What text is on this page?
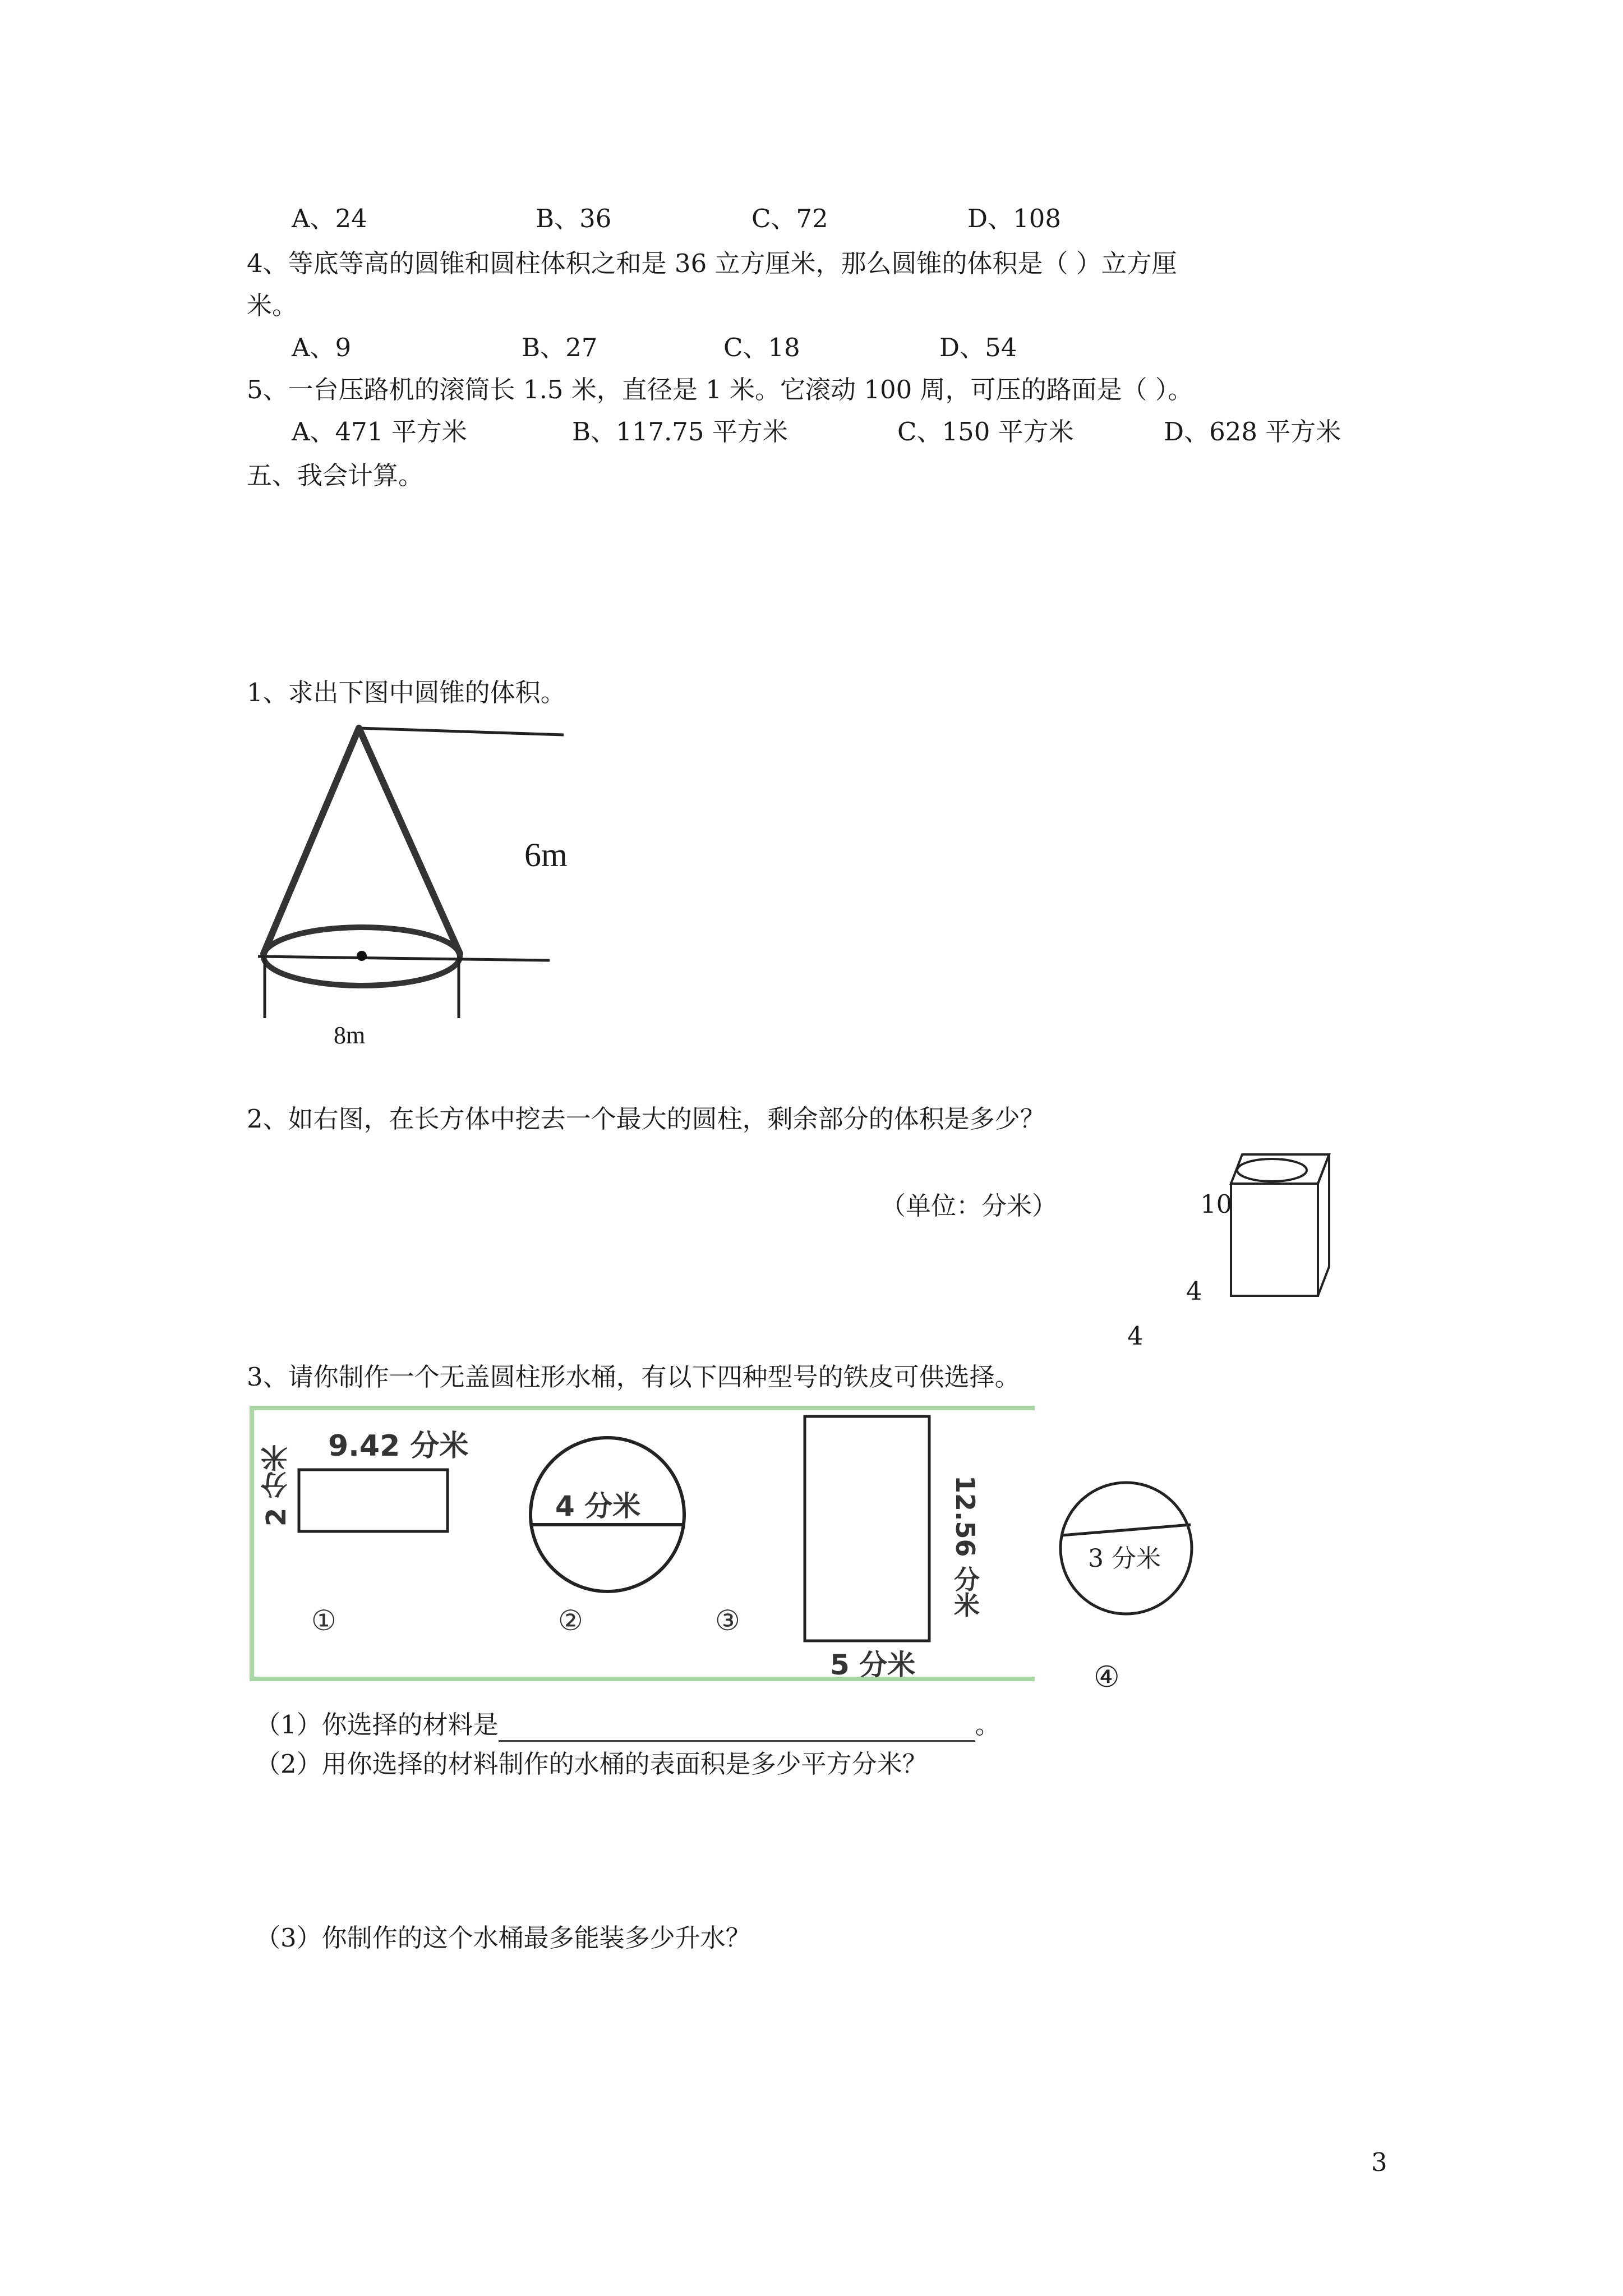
A、24	B、36	C、72	D、108
4、等底等高的圆锥和圆柱体积之和是 36 立方厘米，那么圆锥的体积是（ ）立方厘
米。
A、9	B、27	C、18	D、54
5、一台压路机的滚筒长 1.5 米，直径是 1 米。它滚动 100 周，可压的路面是（ ）。
A、471 平方米	B、117.75 平方米	C、150 平方米	D、628 平方米
五、我会计算。
1、求出下图中圆锥的体积。
6m
8m
2、如右图，在长方体中挖去一个最大的圆柱，剩余部分的体积是多少？
（单位：分米）	10
4
4
3、请你制作一个无盖圆柱形水桶，有以下四种型号的铁皮可供选择。
9.42 分米
2 分米
①
4 分米
②	③
12.56 分米
5 分米
3 分米
④
（1）你选择的材料是	。
（2）用你选择的材料制作的水桶的表面积是多少平方分米？
（3）你制作的这个水桶最多能装多少升水？
3
